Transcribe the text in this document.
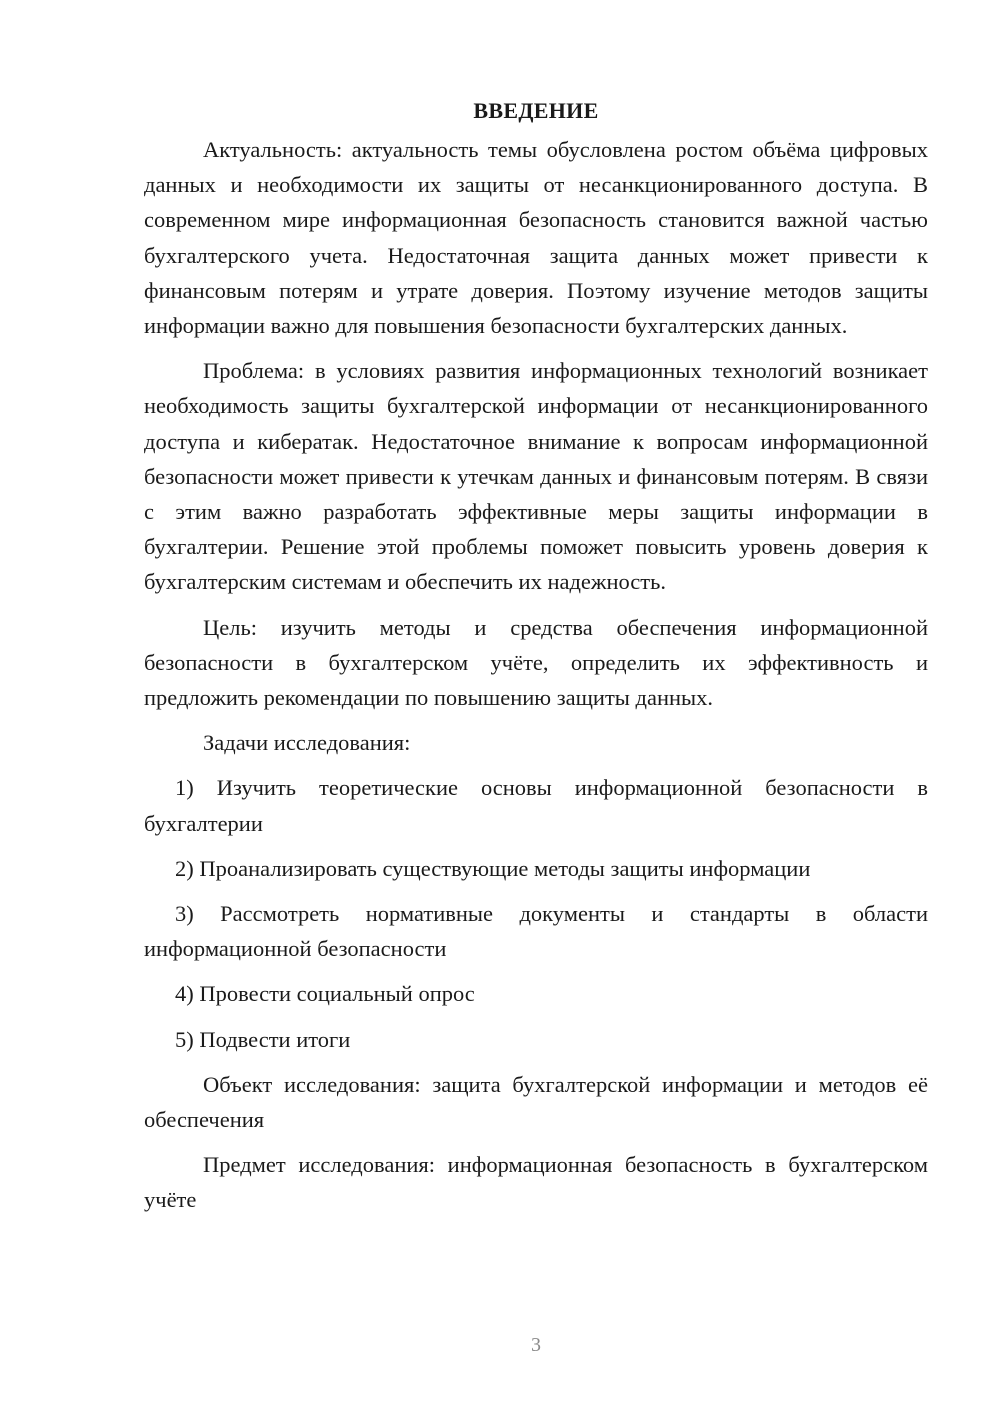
ВВЕДЕНИЕ

Актуальность: актуальность темы обусловлена ростом объёма цифровых данных и необходимости их защиты от несанкционированного доступа. В современном мире информационная безопасность становится важной частью бухгалтерского учета. Недостаточная защита данных может привести к финансовым потерям и утрате доверия. Поэтому изучение методов защиты информации важно для повышения безопасности бухгалтерских данных.

Проблема: в условиях развития информационных технологий возникает необходимость защиты бухгалтерской информации от несанкционированного доступа и кибератак. Недостаточное внимание к вопросам информационной безопасности может привести к утечкам данных и финансовым потерям. В связи с этим важно разработать эффективные меры защиты информации в бухгалтерии. Решение этой проблемы поможет повысить уровень доверия к бухгалтерским системам и обеспечить их надежность.

Цель: изучить методы и средства обеспечения информационной безопасности в бухгалтерском учёте, определить их эффективность и предложить рекомендации по повышению защиты данных.

Задачи исследования:

1) Изучить теоретические основы информационной безопасности в бухгалтерии

2) Проанализировать существующие методы защиты информации

3) Рассмотреть нормативные документы и стандарты в области информационной безопасности

4) Провести социальный опрос

5) Подвести итоги

Объект исследования: защита бухгалтерской информации и методов её обеспечения

Предмет исследования: информационная безопасность в бухгалтерском учёте

3
